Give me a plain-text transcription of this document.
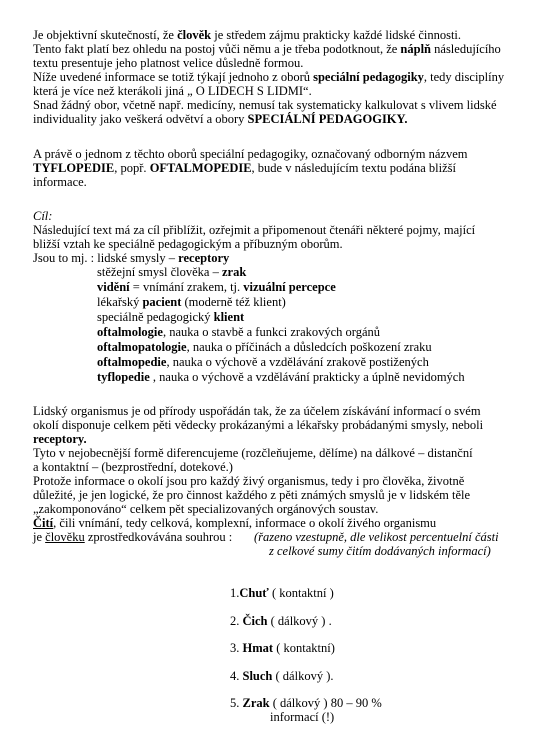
Je objektivní skutečností, že člověk je středem zájmu prakticky každé lidské činnosti.
Tento fakt platí bez ohledu na postoj vůči němu a je třeba podotknout, že náplň následujícího
textu presentuje jeho platnost velice důsledně formou.
Níže uvedené informace se totiž týkají jednoho z oborů speciální pedagogiky, tedy disciplíny
která je více než kterákoli jiná „ O LIDECH S LIDMI“.
Snad žádný obor, včetně např. medicíny, nemusí tak systematicky kalkulovat s vlivem lidské
individuality jako veškerá odvětví a obory SPECIÁLNÍ PEDAGOGIKY.
A právě o jednom z těchto oborů speciální pedagogiky, označovaný odborným názvem
TYFLOPEDIE, popř. OFTALMOPEDIE, bude v následujícím textu podána bližší
informace.
Cíl:
Následující text má za cíl přiblížit, ozřejmit a připomenout čtenáři některé pojmy, mající
bližší vztah ke speciálně pedagogickým a příbuzným oborům.
Jsou to mj. : lidské smysly – receptory
stěžejní smysl člověka – zrak
vidění = vnímání zrakem, tj. vizuální percepce
lékařský pacient (moderně též klient)
speciálně pedagogický klient
oftalmologie, nauka o stavbě a funkci zrakových orgánů
oftalmopatologie, nauka o příčinách a důsledcích poškození zraku
oftalmopedie, nauka o výchově a vzdělávání zrakově postižených
tyflopedie , nauka o výchově a vzdělávání prakticky a úplně nevidomých
Lidský organismus je od přírody uspořádán tak, že za účelem získávání informací o svém
okolí disponuje celkem pěti vědecky prokázanými a lékařsky probádanými smysly, neboli
receptory.
Tyto v nejobecnější formě diferencujeme (rozčleňujeme, dělíme) na dálkové – distanční
a kontaktní – (bezprostřední, dotekové.)
Protože informace o okolí jsou pro každý živý organismus, tedy i pro člověka, životně
důležité, je jen logické, že pro činnost každého z pěti známých smyslů je v lidském těle
„zakomponováno“ celkem pět specializovaných orgánových soustav.
Čití, čili vnímání, tedy celková, komplexní, informace o okolí živého organismu
je člověku zprostředkovávána souhrou : (řazeno vzestupně, dle velikost percentuelní části
z celkové sumy čitím dodávaných informací)
1.Chuť ( kontaktní )
2. Čich ( dálkový ) .
3. Hmat ( kontaktní)
4. Sluch ( dálkový ).
5. Zrak ( dálkový ) 80 – 90 %
informací (!)
